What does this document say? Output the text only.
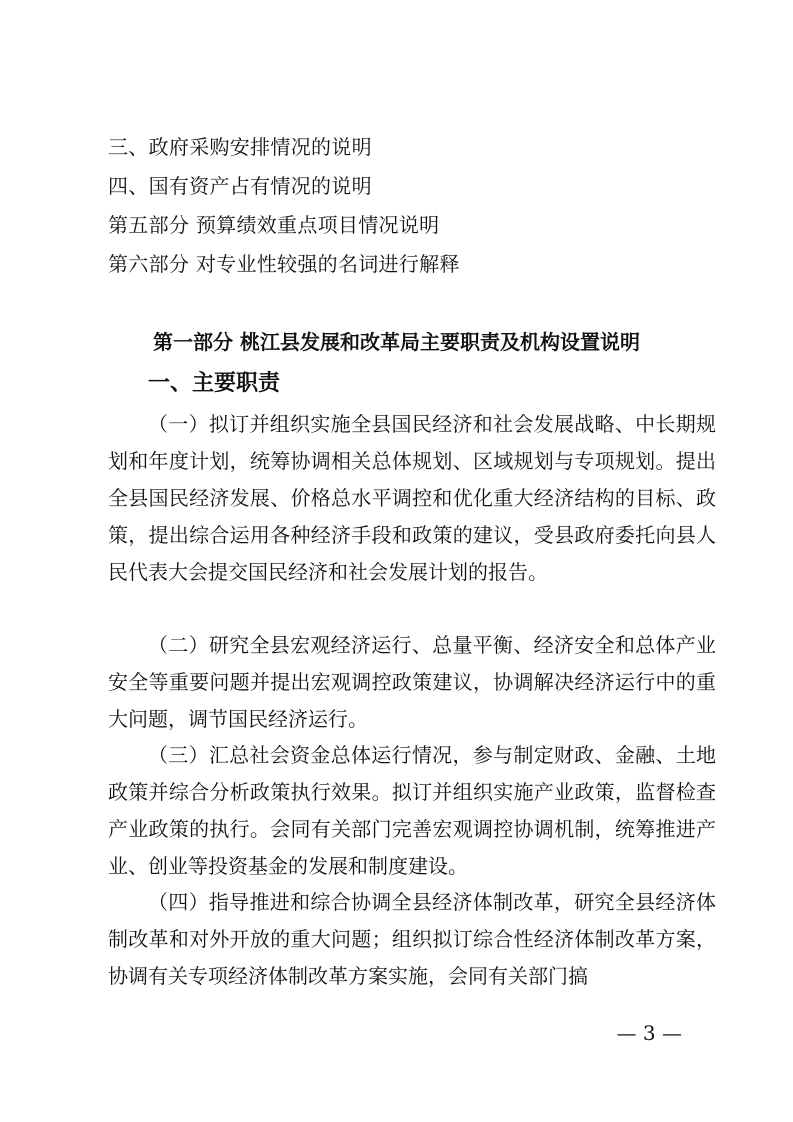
三、政府采购安排情况的说明
四、国有资产占有情况的说明
第五部分 预算绩效重点项目情况说明
第六部分 对专业性较强的名词进行解释
第一部分 桃江县发展和改革局主要职责及机构设置说明
一、主要职责

（一）拟订并组织实施全县国民经济和社会发展战略、中长期规划和年度计划，统筹协调相关总体规划、区域规划与专项规划。提出全县国民经济发展、价格总水平调控和优化重大经济结构的目标、政策，提出综合运用各种经济手段和政策的建议，受县政府委托向县人民代表大会提交国民经济和社会发展计划的报告。

（二）研究全县宏观经济运行、总量平衡、经济安全和总体产业安全等重要问题并提出宏观调控政策建议，协调解决经济运行中的重大问题，调节国民经济运行。

（三）汇总社会资金总体运行情况，参与制定财政、金融、土地政策并综合分析政策执行效果。拟订并组织实施产业政策，监督检查产业政策的执行。会同有关部门完善宏观调控协调机制，统筹推进产业、创业等投资基金的发展和制度建设。

（四）指导推进和综合协调全县经济体制改革，研究全县经济体制改革和对外开放的重大问题；组织拟订综合性经济体制改革方案，协调有关专项经济体制改革方案实施，会同有关部门搞

— 3 —
